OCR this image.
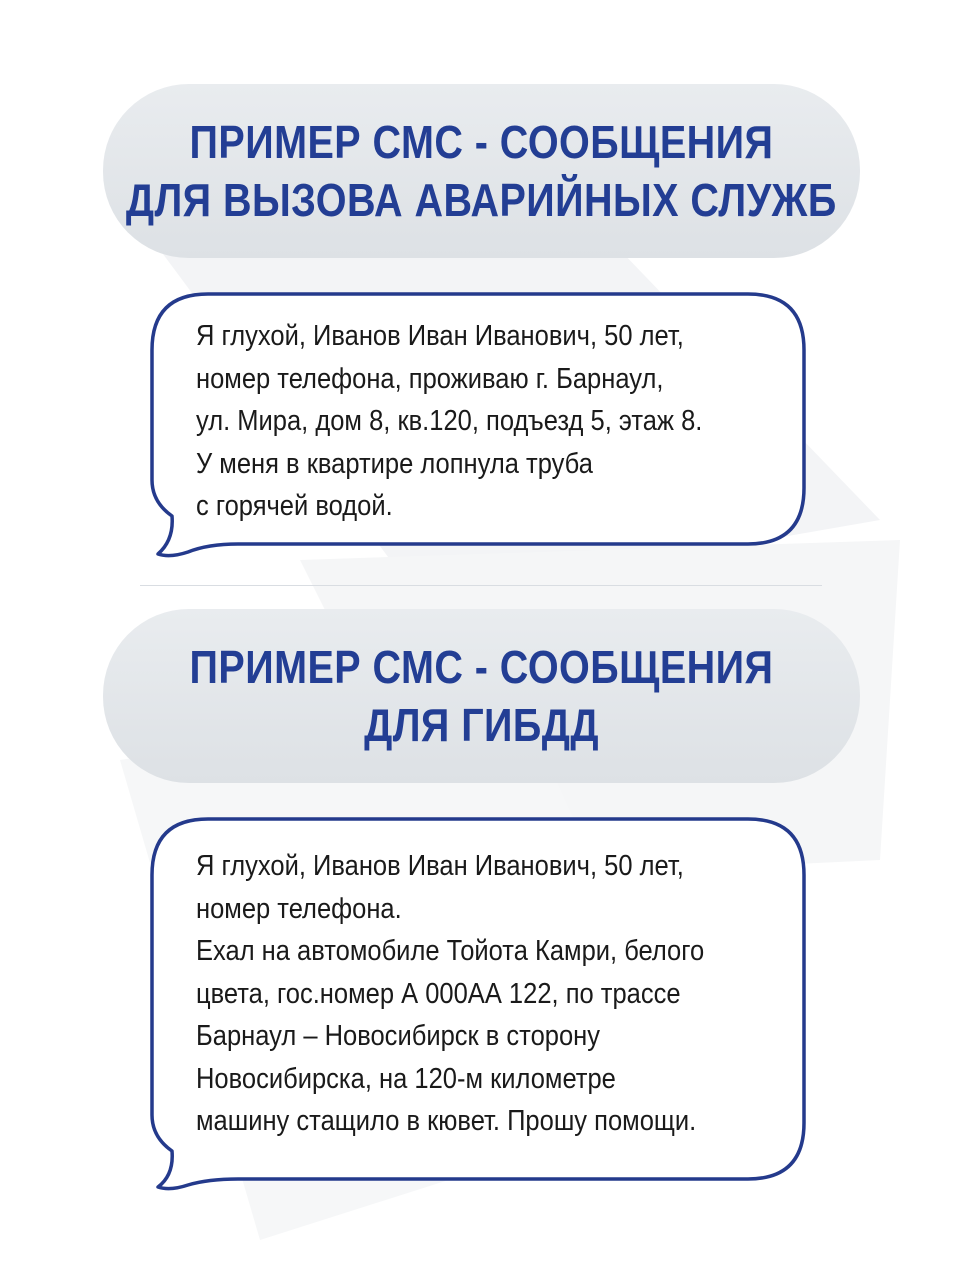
ПРИМЕР СМС - СООБЩЕНИЯ
ДЛЯ ВЫЗОВА АВАРИЙНЫХ СЛУЖБ
Я глухой, Иванов Иван Иванович, 50 лет,
номер телефона, проживаю г. Барнаул,
ул. Мира, дом 8, кв.120, подъезд 5, этаж 8.
У меня в квартире лопнула труба
с горячей водой.
ПРИМЕР СМС - СООБЩЕНИЯ
ДЛЯ ГИБДД
Я глухой, Иванов Иван Иванович, 50 лет,
номер телефона.
Ехал на автомобиле Тойота Камри, белого
цвета, гос.номер А 000АА 122, по трассе
Барнаул – Новосибирск в сторону
Новосибирска, на 120-м километре
машину стащило в кювет. Прошу помощи.
